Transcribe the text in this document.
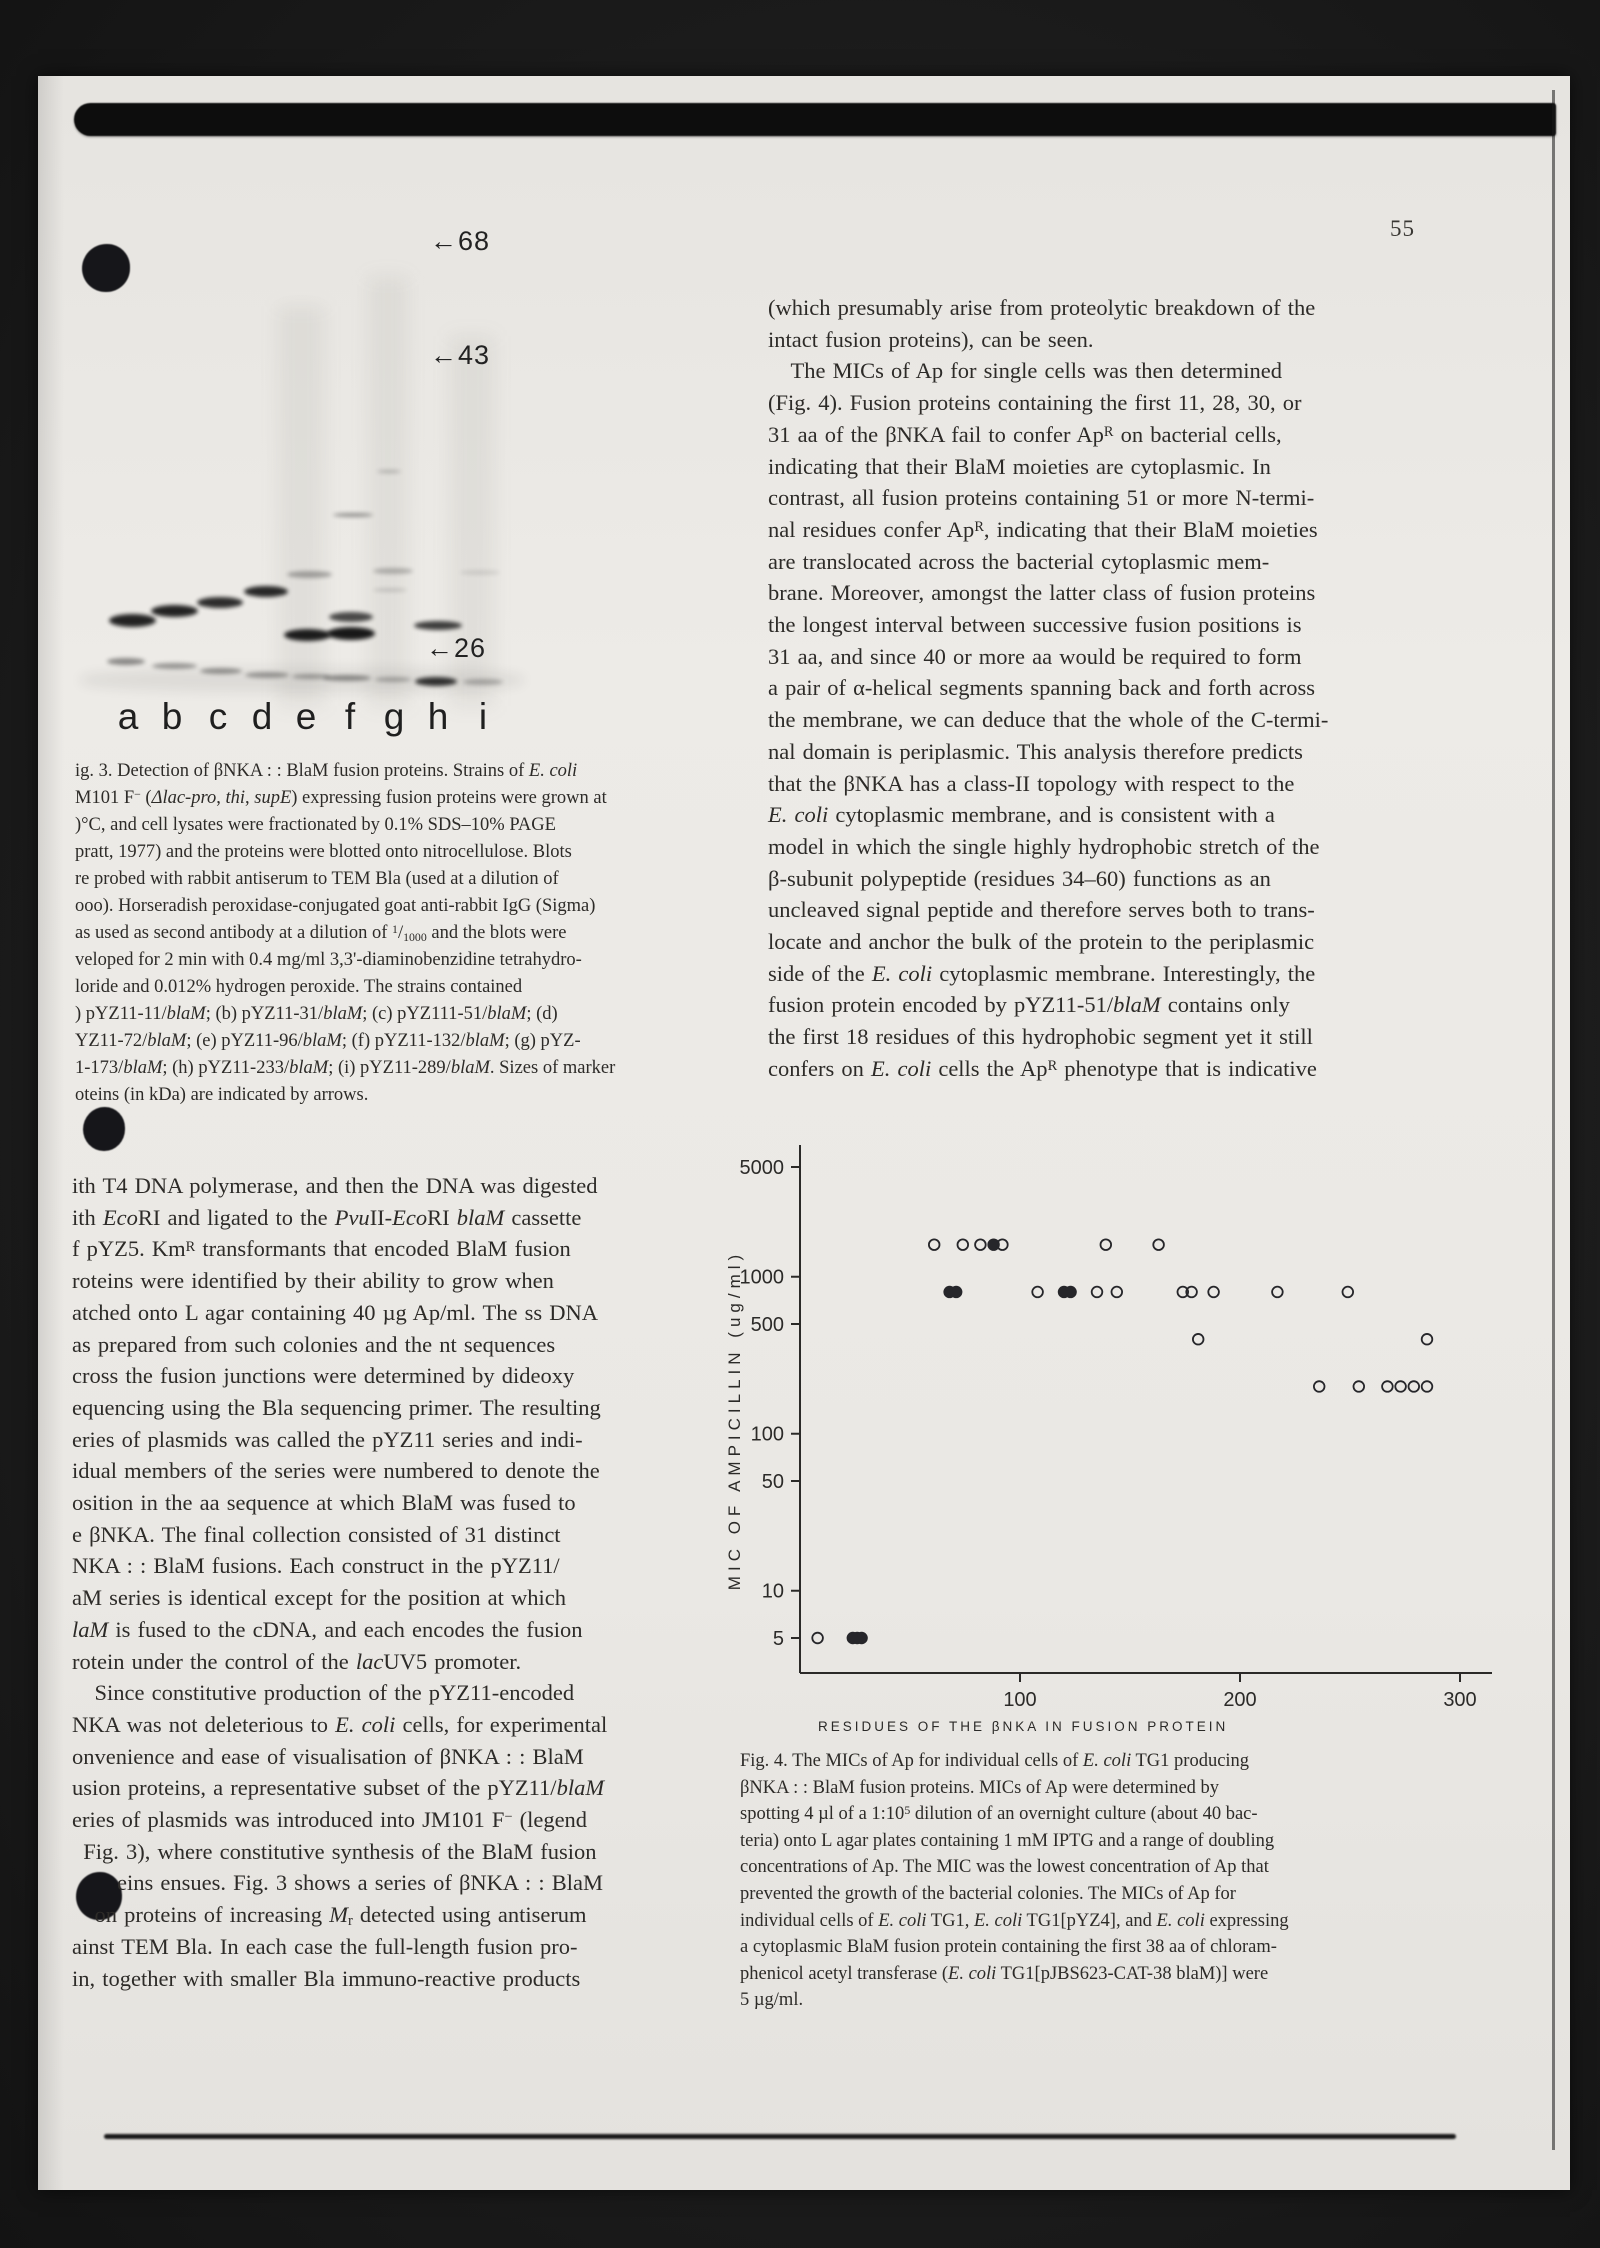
55
a b c d e f g h i
←68
←43
←26
ig. 3. Detection of βNKA : : BlaM fusion proteins. Strains of E. coli
M101 F− (Δlac-pro, thi, supE) expressing fusion proteins were grown at
)°C, and cell lysates were fractionated by 0.1% SDS–10% PAGE
pratt, 1977) and the proteins were blotted onto nitrocellulose. Blots
re probed with rabbit antiserum to TEM Bla (used at a dilution of
ooo). Horseradish peroxidase-conjugated goat anti-rabbit IgG (Sigma)
as used as second antibody at a dilution of $^1/_{1000}$ and the blots were
veloped for 2 min with 0.4 mg/ml 3,3'-diaminobenzidine tetrahydro-
loride and 0.012% hydrogen peroxide. The strains contained
) pYZ11-11/blaM; (b) pYZ11-31/blaM; (c) pYZ111-51/blaM; (d)
YZ11-72/blaM; (e) pYZ11-96/blaM; (f) pYZ11-132/blaM; (g) pYZ-
1-173/blaM; (h) pYZ11-233/blaM; (i) pYZ11-289/blaM. Sizes of marker
oteins (in kDa) are indicated by arrows.
ith T4 DNA polymerase, and then the DNA was digested
ith EcoRI and ligated to the PvuII-EcoRI blaM cassette
f pYZ5. $Km^R$ transformants that encoded BlaM fusion
roteins were identified by their ability to grow when
atched onto L agar containing 40 µg Ap/ml. The ss DNA
as prepared from such colonies and the nt sequences
cross the fusion junctions were determined by dideoxy
equencing using the Bla sequencing primer. The resulting
eries of plasmids was called the pYZ11 series and indi-
idual members of the series were numbered to denote the
osition in the aa sequence at which BlaM was fused to
e βNKA. The final collection consisted of 31 distinct
NKA : : BlaM fusions. Each construct in the pYZ11/
aM series is identical except for the position at which
laM is fused to the cDNA, and each encodes the fusion
rotein under the control of the lacUV5 promoter.
  Since constitutive production of the pYZ11-encoded
NKA was not deleterious to E. coli cells, for experimental
onvenience and ease of visualisation of βNKA : : BlaM
usion proteins, a representative subset of the pYZ11/blaM
eries of plasmids was introduced into JM101 F− (legend
 Fig. 3), where constitutive synthesis of the BlaM fusion
  eins ensues. Fig. 3 shows a series of βNKA : : BlaM
 on proteins of increasing $M_r$ detected using antiserum
ainst TEM Bla. In each case the full-length fusion pro-
in, together with smaller Bla immuno-reactive products
(which presumably arise from proteolytic breakdown of the
intact fusion proteins), can be seen.
  The MICs of Ap for single cells was then determined
(Fig. 4). Fusion proteins containing the first 11, 28, 30, or
31 aa of the βNKA fail to confer $Ap^R$ on bacterial cells,
indicating that their BlaM moieties are cytoplasmic. In
contrast, all fusion proteins containing 51 or more N-termi-
nal residues confer $Ap^R$, indicating that their BlaM moieties
are translocated across the bacterial cytoplasmic mem-
brane. Moreover, amongst the latter class of fusion proteins
the longest interval between successive fusion positions is
31 aa, and since 40 or more aa would be required to form
a pair of α-helical segments spanning back and forth across
the membrane, we can deduce that the whole of the C-termi-
nal domain is periplasmic. This analysis therefore predicts
that the βNKA has a class-II topology with respect to the
E. coli cytoplasmic membrane, and is consistent with a
model in which the single highly hydrophobic stretch of the
β-subunit polypeptide (residues 34–60) functions as an
uncleaved signal peptide and therefore serves both to trans-
locate and anchor the bulk of the protein to the periplasmic
side of the E. coli cytoplasmic membrane. Interestingly, the
fusion protein encoded by pYZ11-51/blaM contains only
the first 18 residues of this hydrophobic segment yet it still
confers on E. coli cells the $Ap^R$ phenotype that is indicative
5000
1000
500
100
50
10
5
100	200	300
MIC OF AMPICILLIN (ug/ml)
RESIDUES OF THE βNKA IN FUSION PROTEIN
Fig. 4. The MICs of Ap for individual cells of E. coli TG1 producing
βNKA : : BlaM fusion proteins. MICs of Ap were determined by
spotting 4 µl of a $1:10^5$ dilution of an overnight culture (about 40 bac-
teria) onto L agar plates containing 1 mM IPTG and a range of doubling
concentrations of Ap. The MIC was the lowest concentration of Ap that
prevented the growth of the bacterial colonies. The MICs of Ap for
individual cells of E. coli TG1, E. coli TG1[pYZ4], and E. coli expressing
a cytoplasmic BlaM fusion protein containing the first 38 aa of chloram-
phenicol acetyl transferase (E. coli TG1[pJBS623-CAT-38 blaM)] were
5 µg/ml.
